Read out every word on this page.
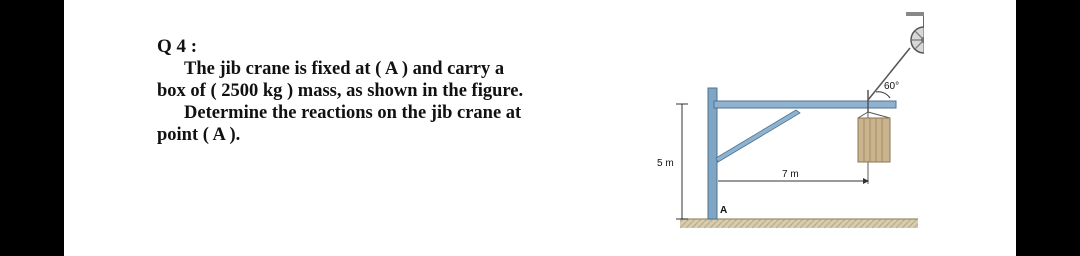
Q 4 :
The jib crane is fixed at ( A ) and carry a
box of ( 2500 kg ) mass, as shown in the figure.
Determine the reactions on the jib crane at
point ( A ).
60°
5 m
7 m
A
